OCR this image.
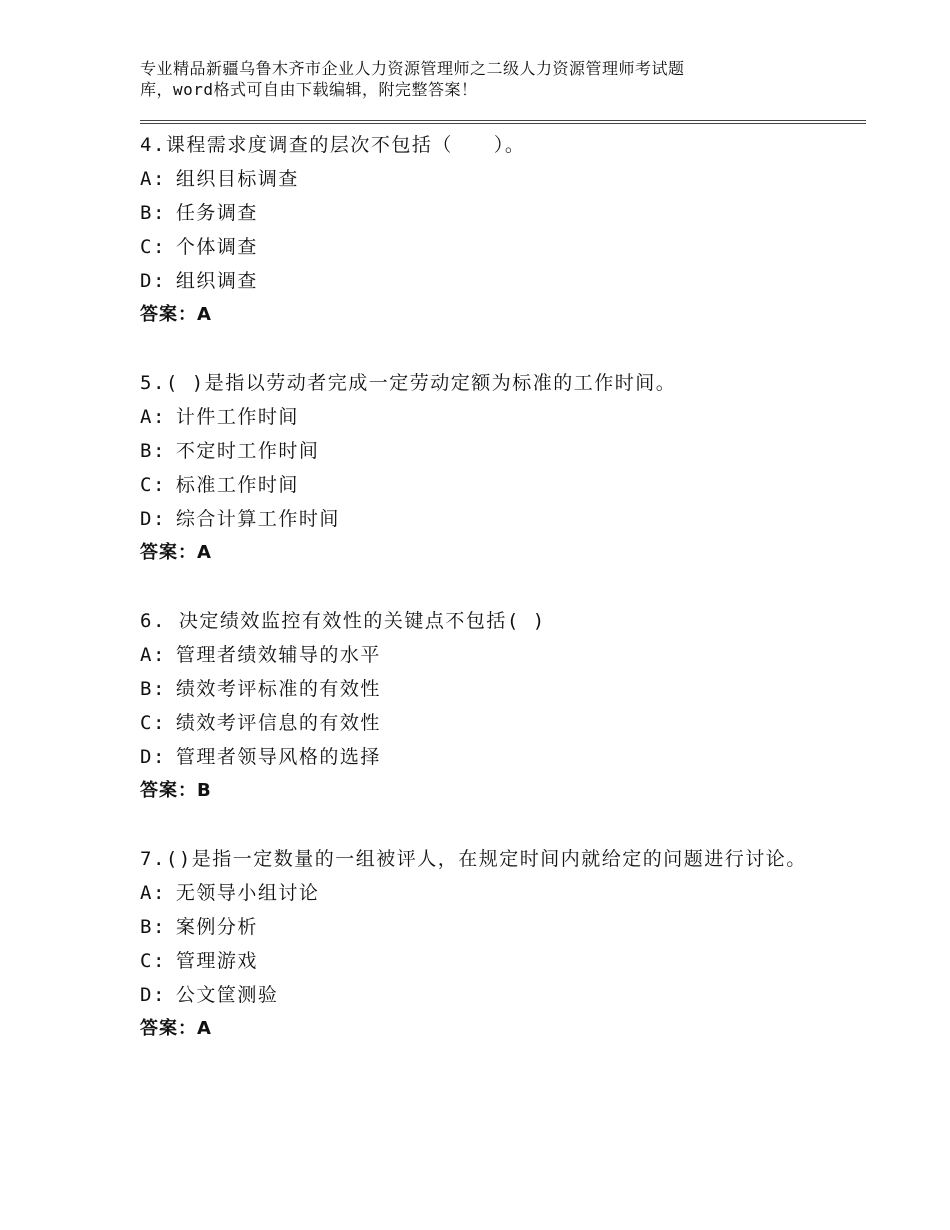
专业精品新疆乌鲁木齐市企业人力资源管理师之二级人力资源管理师考试题
库，word格式可自由下载编辑，附完整答案！
4.课程需求度调查的层次不包括（　　）。
A: 组织目标调查
B: 任务调查
C: 个体调查
D: 组织调查
答案：A
5.( )是指以劳动者完成一定劳动定额为标准的工作时间。
A: 计件工作时间
B: 不定时工作时间
C: 标准工作时间
D: 综合计算工作时间
答案：A
6. 决定绩效监控有效性的关键点不包括( )
A: 管理者绩效辅导的水平
B: 绩效考评标准的有效性
C: 绩效考评信息的有效性
D: 管理者领导风格的选择
答案：B
7.()是指一定数量的一组被评人，在规定时间内就给定的问题进行讨论。
A: 无领导小组讨论
B: 案例分析
C: 管理游戏
D: 公文筐测验
答案：A
